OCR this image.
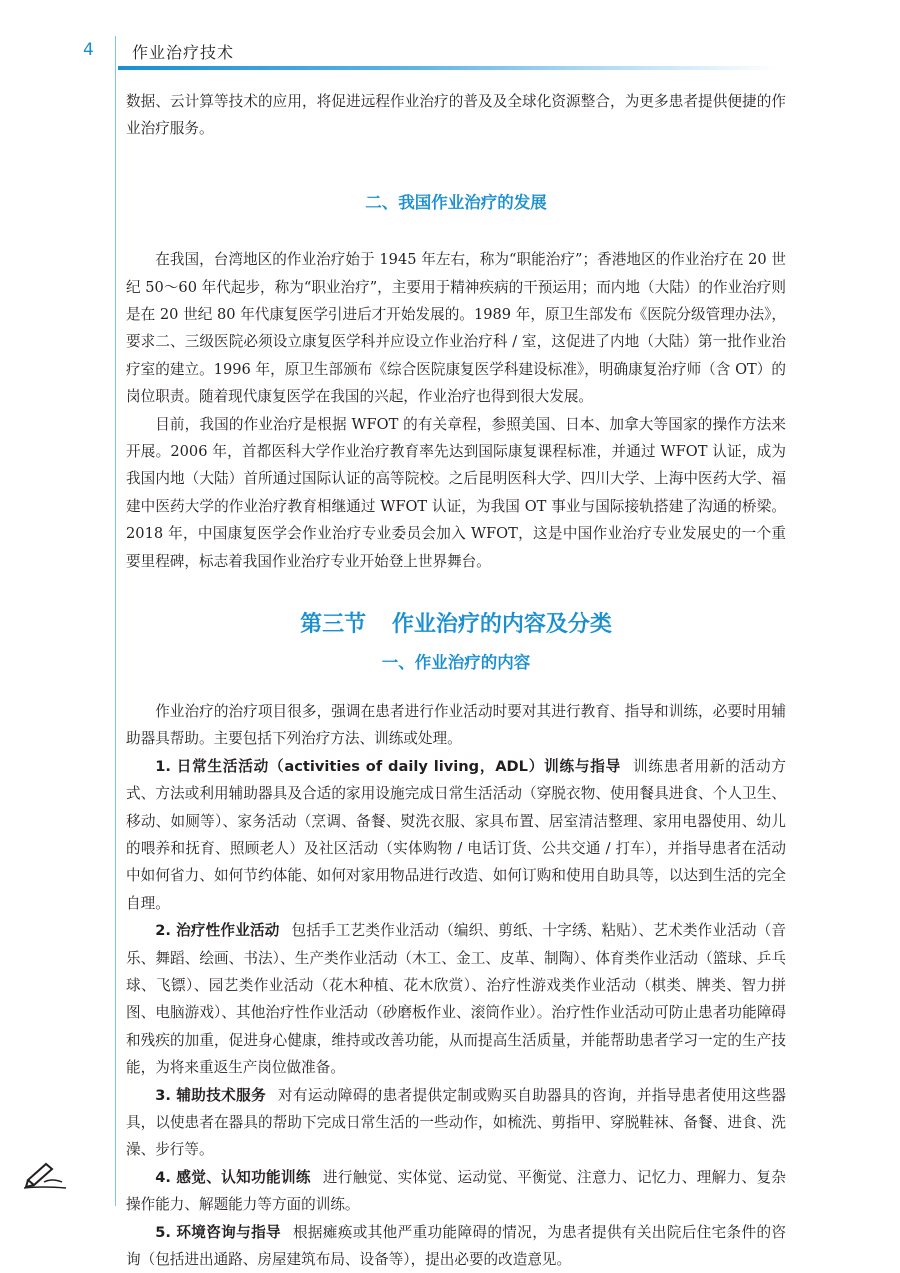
4 作业治疗技术

数据、云计算等技术的应用，将促进远程作业治疗的普及及全球化资源整合，为更多患者提供便捷的作业治疗服务。

二、我国作业治疗的发展

在我国，台湾地区的作业治疗始于 1945 年左右，称为“职能治疗”；香港地区的作业治疗在 20 世纪 50～60 年代起步，称为“职业治疗”，主要用于精神疾病的干预运用；而内地（大陆）的作业治疗则是在 20 世纪 80 年代康复医学引进后才开始发展的。1989 年，原卫生部发布《医院分级管理办法》，要求二、三级医院必须设立康复医学科并应设立作业治疗科 / 室，这促进了内地（大陆）第一批作业治疗室的建立。1996 年，原卫生部颁布《综合医院康复医学科建设标准》，明确康复治疗师（含 OT）的岗位职责。随着现代康复医学在我国的兴起，作业治疗也得到很大发展。

目前，我国的作业治疗是根据 WFOT 的有关章程，参照美国、日本、加拿大等国家的操作方法来开展。2006 年，首都医科大学作业治疗教育率先达到国际康复课程标准，并通过 WFOT 认证，成为我国内地（大陆）首所通过国际认证的高等院校。之后昆明医科大学、四川大学、上海中医药大学、福建中医药大学的作业治疗教育相继通过 WFOT 认证，为我国 OT 事业与国际接轨搭建了沟通的桥梁。2018 年，中国康复医学会作业治疗专业委员会加入 WFOT，这是中国作业治疗专业发展史的一个重要里程碑，标志着我国作业治疗专业开始登上世界舞台。

第三节 作业治疗的内容及分类

一、作业治疗的内容

作业治疗的治疗项目很多，强调在患者进行作业活动时要对其进行教育、指导和训练，必要时用辅助器具帮助。主要包括下列治疗方法、训练或处理。

1. 日常生活活动（activities of daily living，ADL）训练与指导 训练患者用新的活动方式、方法或利用辅助器具及合适的家用设施完成日常生活活动（穿脱衣物、使用餐具进食、个人卫生、移动、如厕等）、家务活动（烹调、备餐、熨洗衣服、家具布置、居室清洁整理、家用电器使用、幼儿的喂养和抚育、照顾老人）及社区活动（实体购物 / 电话订货、公共交通 / 打车），并指导患者在活动中如何省力、如何节约体能、如何对家用物品进行改造、如何订购和使用自助具等，以达到生活的完全自理。

2. 治疗性作业活动 包括手工艺类作业活动（编织、剪纸、十字绣、粘贴）、艺术类作业活动（音乐、舞蹈、绘画、书法）、生产类作业活动（木工、金工、皮革、制陶）、体育类作业活动（篮球、乒乓球、飞镖）、园艺类作业活动（花木种植、花木欣赏）、治疗性游戏类作业活动（棋类、牌类、智力拼图、电脑游戏）、其他治疗性作业活动（砂磨板作业、滚筒作业）。治疗性作业活动可防止患者功能障碍和残疾的加重，促进身心健康，维持或改善功能，从而提高生活质量，并能帮助患者学习一定的生产技能，为将来重返生产岗位做准备。

3. 辅助技术服务 对有运动障碍的患者提供定制或购买自助器具的咨询，并指导患者使用这些器具，以使患者在器具的帮助下完成日常生活的一些动作，如梳洗、剪指甲、穿脱鞋袜、备餐、进食、洗澡、步行等。

4. 感觉、认知功能训练 进行触觉、实体觉、运动觉、平衡觉、注意力、记忆力、理解力、复杂操作能力、解题能力等方面的训练。

5. 环境咨询与指导 根据瘫痪或其他严重功能障碍的情况，为患者提供有关出院后住宅条件的咨询（包括进出通路、房屋建筑布局、设备等），提出必要的改造意见。
